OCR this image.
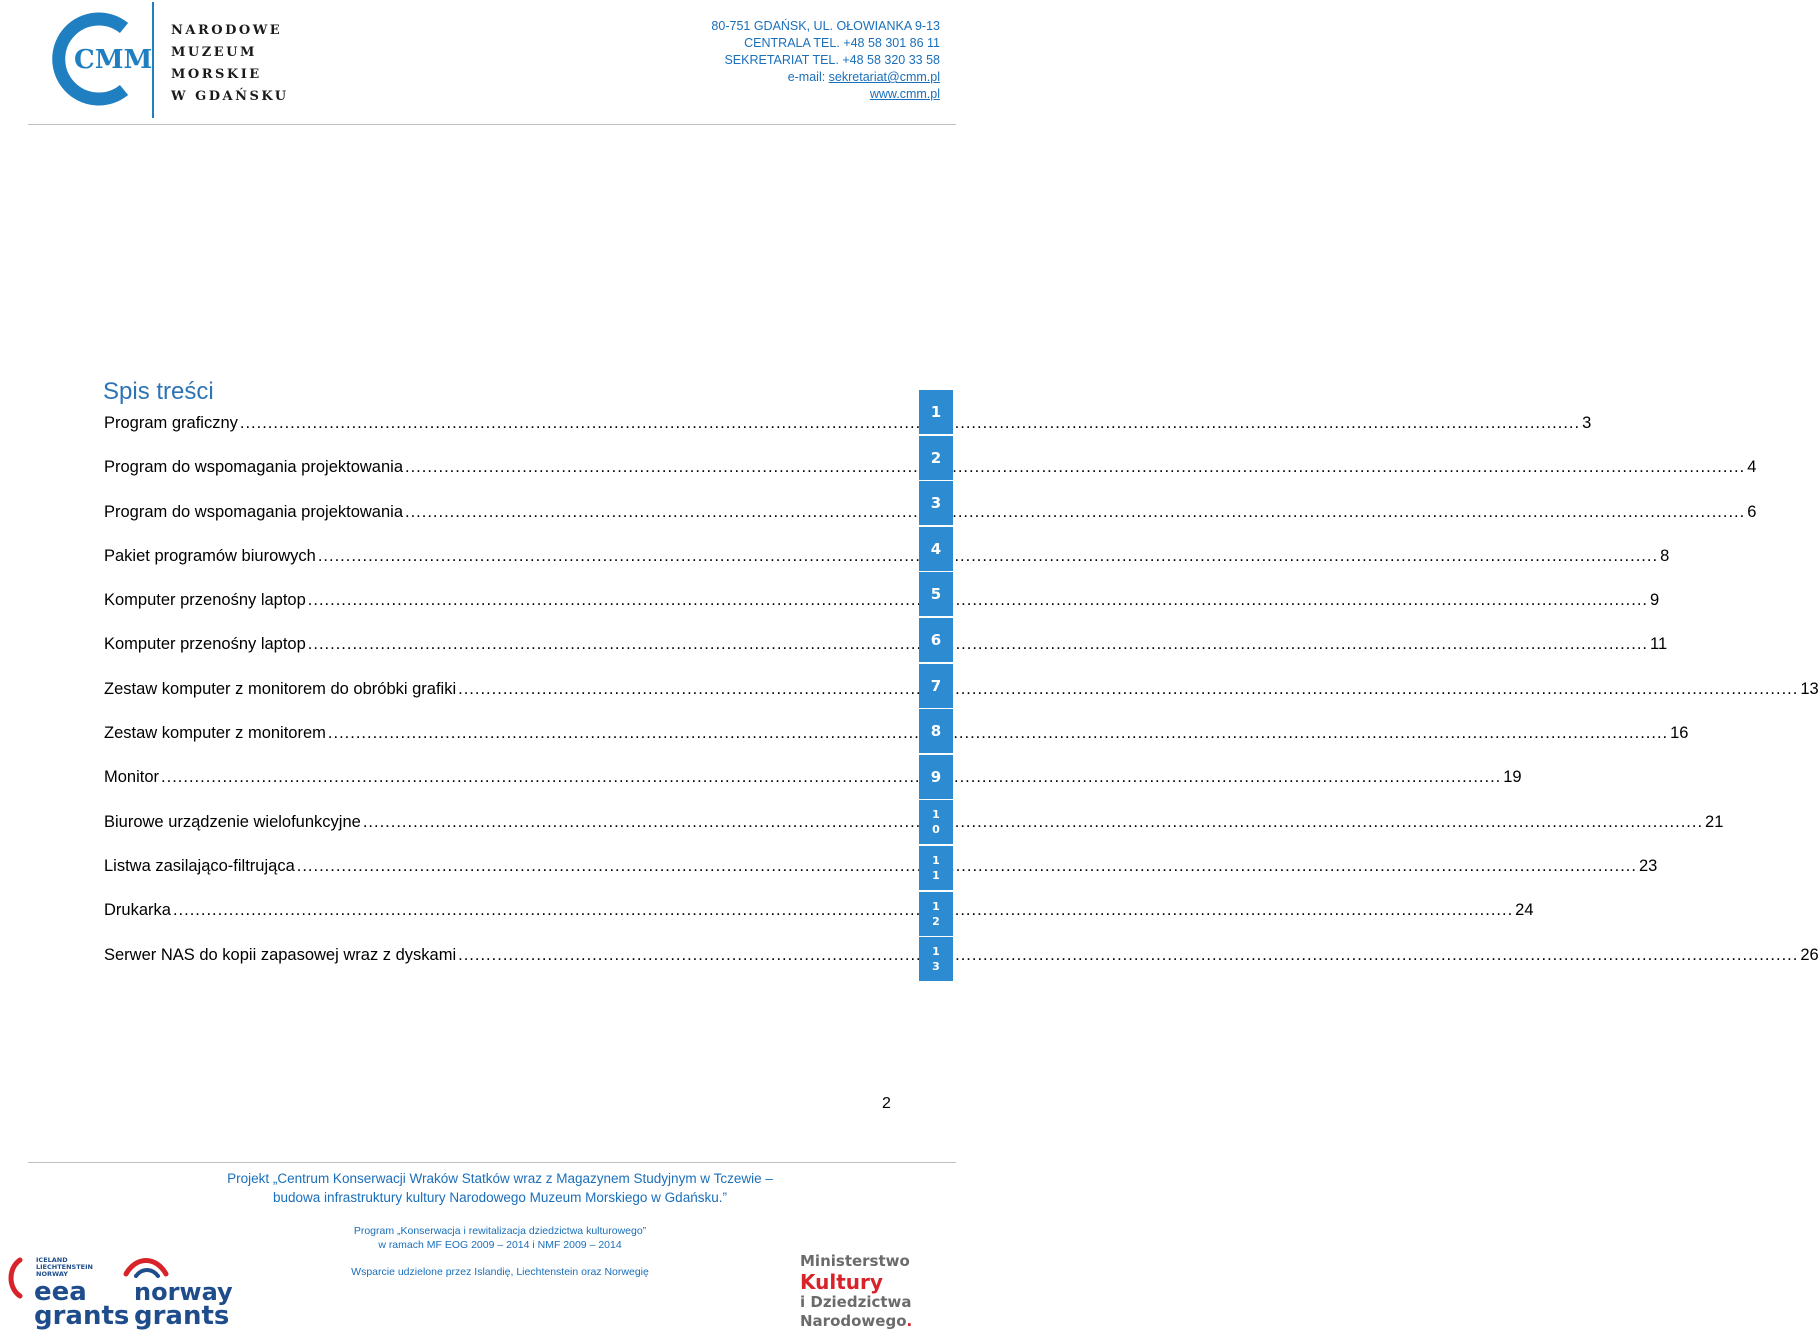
CMM
NARODOWE
MUZEUM
MORSKIE
W GDAŃSKU
80-751 GDAŃSK, UL. OŁOWIANKA 9-13
CENTRALA TEL. +48 58 301 86 11
SEKRETARIAT TEL. +48 58 320 33 58
e-mail: sekretariat@cmm.pl
www.cmm.pl
Spis treści
Program graficzny .....	3
Program do wspomagania projektowania .....	4
Program do wspomagania projektowania .....	6
Pakiet programów biurowych .....	8
Komputer przenośny laptop .....	9
Komputer przenośny laptop .....	11
Zestaw komputer z monitorem do obróbki grafiki .....	13
Zestaw komputer z monitorem .....	16
Monitor .....	19
Biurowe urządzenie wielofunkcyjne .....	21
Listwa zasilająco-filtrująca .....	23
Drukarka .....	24
Serwer NAS do kopii zapasowej wraz z dyskami .....	26
1
2
3
4
5
6
7
8
9
1
0
1
1
1
2
1
3
2
Projekt „Centrum Konserwacji Wraków Statków wraz z Magazynem Studyjnym w Tczewie –
budowa infrastruktury kultury Narodowego Muzeum Morskiego w Gdańsku.”
Program „Konserwacja i rewitalizacja dziedzictwa kulturowego”
w ramach MF EOG 2009 – 2014 i NMF 2009 – 2014
Wsparcie udzielone przez Islandię, Liechtenstein oraz Norwegię
ICELAND
LIECHTENSTEIN
NORWAY
eea
grants
norway
grants
Ministerstwo
Kultury
i Dziedzictwa
Narodowego.
